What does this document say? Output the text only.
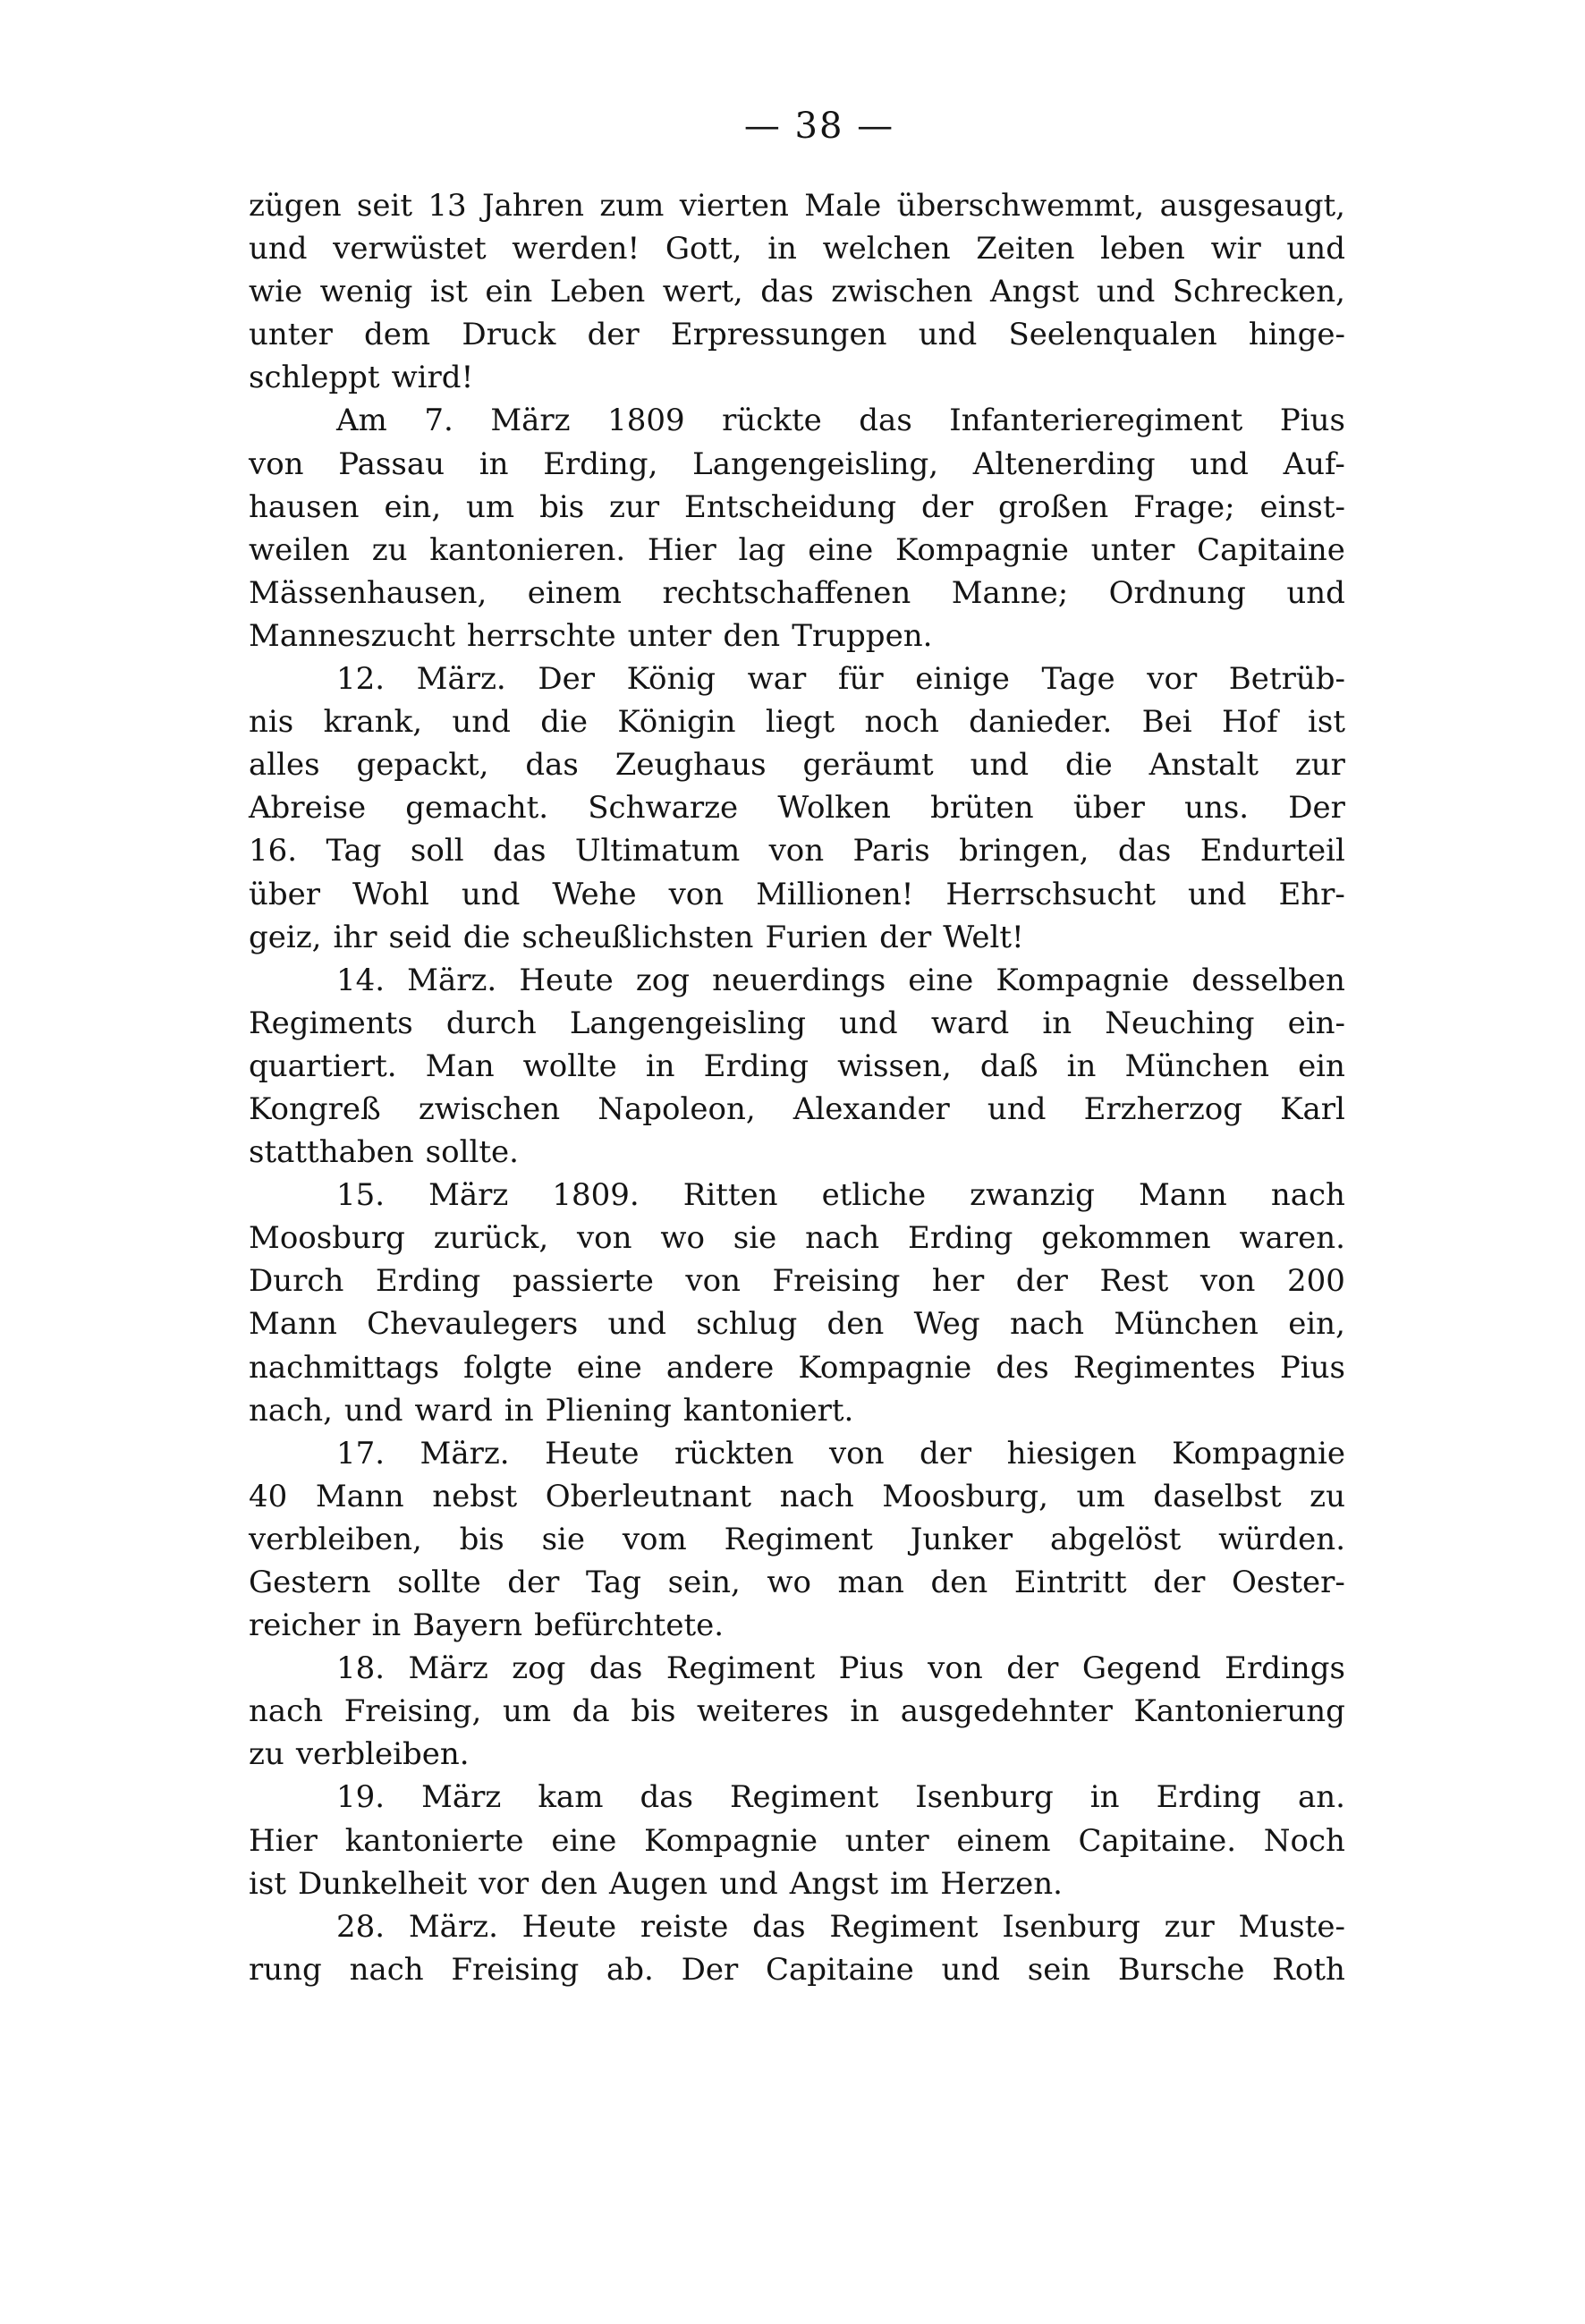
— 38 —
zügen seit 13 Jahren zum vierten Male überschwemmt, ausgesaugt,
und verwüstet werden! Gott, in welchen Zeiten leben wir und
wie wenig ist ein Leben wert, das zwischen Angst und Schrecken,
unter dem Druck der Erpressungen und Seelenqualen hinge-
schleppt wird!
Am 7. März 1809 rückte das Infanterieregiment Pius
von Passau in Erding, Langengeisling, Altenerding und Auf-
hausen ein, um bis zur Entscheidung der großen Frage; einst-
weilen zu kantonieren. Hier lag eine Kompagnie unter Capitaine
Mässenhausen, einem rechtschaffenen Manne; Ordnung und
Manneszucht herrschte unter den Truppen.
12. März. Der König war für einige Tage vor Betrüb-
nis krank, und die Königin liegt noch danieder. Bei Hof ist
alles gepackt, das Zeughaus geräumt und die Anstalt zur
Abreise gemacht. Schwarze Wolken brüten über uns. Der
16. Tag soll das Ultimatum von Paris bringen, das Endurteil
über Wohl und Wehe von Millionen! Herrschsucht und Ehr-
geiz, ihr seid die scheußlichsten Furien der Welt!
14. März. Heute zog neuerdings eine Kompagnie desselben
Regiments durch Langengeisling und ward in Neuching ein-
quartiert. Man wollte in Erding wissen, daß in München ein
Kongreß zwischen Napoleon, Alexander und Erzherzog Karl
statthaben sollte.
15. März 1809. Ritten etliche zwanzig Mann nach
Moosburg zurück, von wo sie nach Erding gekommen waren.
Durch Erding passierte von Freising her der Rest von 200
Mann Chevaulegers und schlug den Weg nach München ein,
nachmittags folgte eine andere Kompagnie des Regimentes Pius
nach, und ward in Pliening kantoniert.
17. März. Heute rückten von der hiesigen Kompagnie
40 Mann nebst Oberleutnant nach Moosburg, um daselbst zu
verbleiben, bis sie vom Regiment Junker abgelöst würden.
Gestern sollte der Tag sein, wo man den Eintritt der Oester-
reicher in Bayern befürchtete.
18. März zog das Regiment Pius von der Gegend Erdings
nach Freising, um da bis weiteres in ausgedehnter Kantonierung
zu verbleiben.
19. März kam das Regiment Isenburg in Erding an.
Hier kantonierte eine Kompagnie unter einem Capitaine. Noch
ist Dunkelheit vor den Augen und Angst im Herzen.
28. März. Heute reiste das Regiment Isenburg zur Muste-
rung nach Freising ab. Der Capitaine und sein Bursche Roth
